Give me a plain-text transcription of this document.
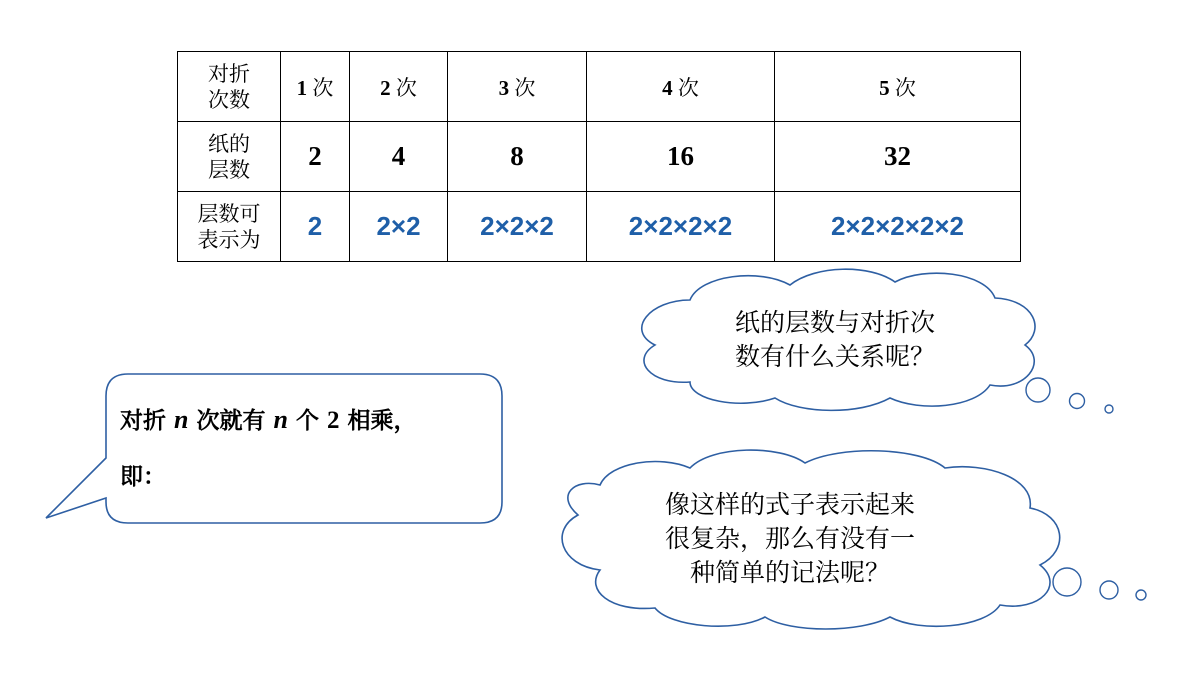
对折
次数	1 次	2 次	3 次	4 次	5 次

纸的
层数	2	4	8	16	32

层数可
表示为	2	2×2	2×2×2	2×2×2×2	2×2×2×2×2
纸的层数与对折次
数有什么关系呢？
像这样的式子表示起来
很复杂，那么有没有一
种简单的记法呢？
对折 n 次就有 n 个 2 相乘，
即：
